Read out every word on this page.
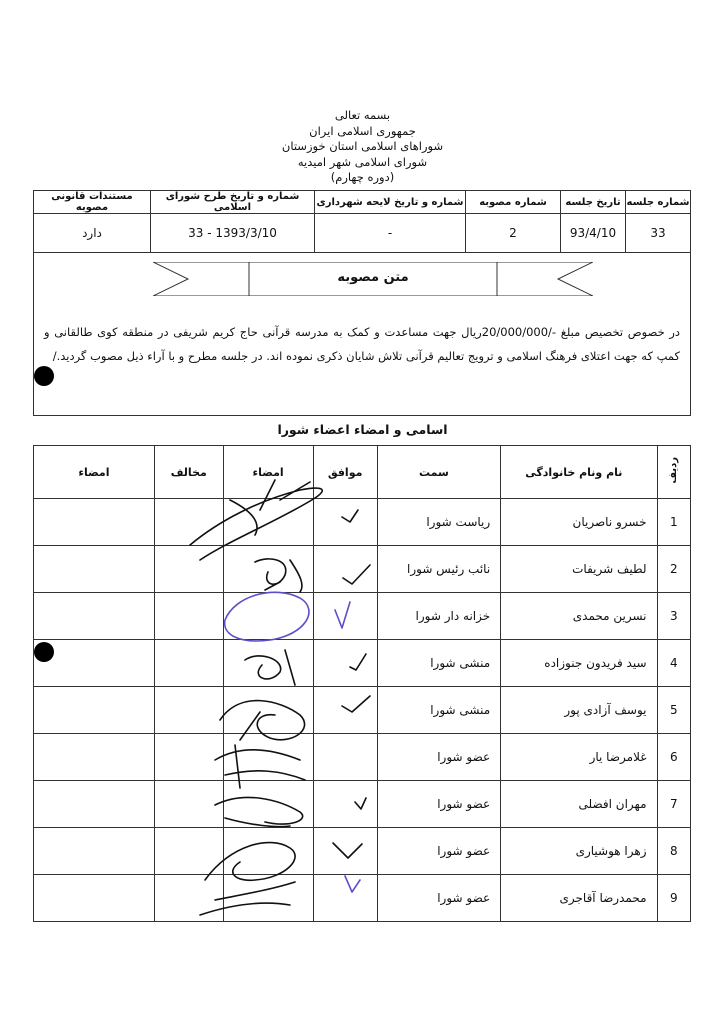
بسمه تعالی
جمهوری اسلامی ایران
شوراهای اسلامی استان خوزستان
شورای اسلامی شهر امیدیه
(دوره چهارم)
شماره جلسه	تاریخ جلسه	شماره مصوبه	شماره و تاریخ لایحه شهرداری	شماره و تاریخ طرح شورای اسلامی	مستندات قانونی مصوبه
33	93/4/10	2	-	1393/3/10 - 33	دارد
متن مصوبه
در خصوص تخصیص مبلغ -/20/000/000ریال جهت مساعدت و کمک به مدرسه قرآنی حاج کریم شریفی در منطقه کوی طالقانی و کمپ که جهت اعتلای فرهنگ اسلامی و ترویج تعالیم قرآنی تلاش شایان ذکری نموده اند. در جلسه مطرح و با آراء ذیل مصوب گردید./
اسامی و امضاء اعضاء شورا
ردیف	نام ونام خانوادگی	سمت	موافق	امضاء	مخالف	امضاء
1	خسرو ناصریان	ریاست شورا				
2	لطیف شریفات	نائب رئیس شورا				
3	نسرین محمدی	خزانه دار شورا				
4	سید فریدون جنوزاده	منشی شورا				
5	یوسف آزادی پور	منشی شورا				
6	غلامرضا یار	عضو شورا				
7	مهران افضلی	عضو شورا				
8	زهرا هوشیاری	عضو شورا				
9	محمدرضا آقاجری	عضو شورا				
